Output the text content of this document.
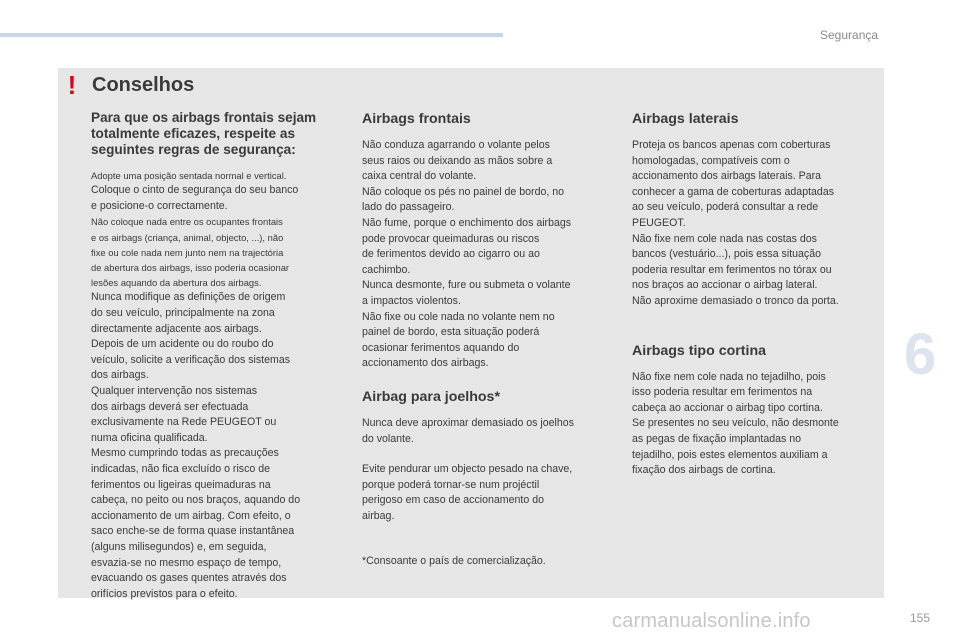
Segurança
6
! Conselhos
Para que os airbags frontais sejam totalmente eficazes, respeite as seguintes regras de segurança:

Adopte uma posição sentada normal e vertical.

Coloque o cinto de segurança do seu banco

e posicione-o correctamente.

Não coloque nada entre os ocupantes frontais

e os airbags (criança, animal, objecto, ...), não

fixe ou cole nada nem junto nem na trajectória

de abertura dos airbags, isso poderia ocasionar

lesões aquando da abertura dos airbags.

Nunca modifique as definições de origem

do seu veículo, principalmente na zona

directamente adjacente aos airbags.

Depois de um acidente ou do roubo do

veículo, solicite a verificação dos sistemas

dos airbags.

Qualquer intervenção nos sistemas

dos airbags deverá ser efectuada

exclusivamente na Rede PEUGEOT ou

numa oficina qualificada.

Mesmo cumprindo todas as precauções

indicadas, não fica excluído o risco de

ferimentos ou ligeiras queimaduras na

cabeça, no peito ou nos braços, aquando do

accionamento de um airbag. Com efeito, o

saco enche-se de forma quase instantânea

(alguns milisegundos) e, em seguida,

esvazia-se no mesmo espaço de tempo,

evacuando os gases quentes através dos

orifícios previstos para o efeito.

Airbags frontais

Não conduza agarrando o volante pelos

seus raios ou deixando as mãos sobre a

caixa central do volante.

Não coloque os pés no painel de bordo, no

lado do passageiro.

Não fume, porque o enchimento dos airbags

pode provocar queimaduras ou riscos

de ferimentos devido ao cigarro ou ao

cachimbo.

Nunca desmonte, fure ou submeta o volante

a impactos violentos.

Não fixe ou cole nada no volante nem no

painel de bordo, esta situação poderá

ocasionar ferimentos aquando do

accionamento dos airbags.

Airbag para joelhos*

Nunca deve aproximar demasiado os joelhos

do volante.

Evite pendurar um objecto pesado na chave,

porque poderá tornar-se num projéctil

perigoso em caso de accionamento do

airbag.

*Consoante o país de comercialização.

Airbags laterais

Proteja os bancos apenas com coberturas

homologadas, compatíveis com o

accionamento dos airbags laterais. Para

conhecer a gama de coberturas adaptadas

ao seu veículo, poderá consultar a rede

PEUGEOT.

Não fixe nem cole nada nas costas dos

bancos (vestuário...), pois essa situação

poderia resultar em ferimentos no tórax ou

nos braços ao accionar o airbag lateral.

Não aproxime demasiado o tronco da porta.

Airbags tipo cortina

Não fixe nem cole nada no tejadilho, pois

isso poderia resultar em ferimentos na

cabeça ao accionar o airbag tipo cortina.

Se presentes no seu veículo, não desmonte

as pegas de fixação implantadas no

tejadilho, pois estes elementos auxiliam a

fixação dos airbags de cortina.

carmanualsonline.info	155
